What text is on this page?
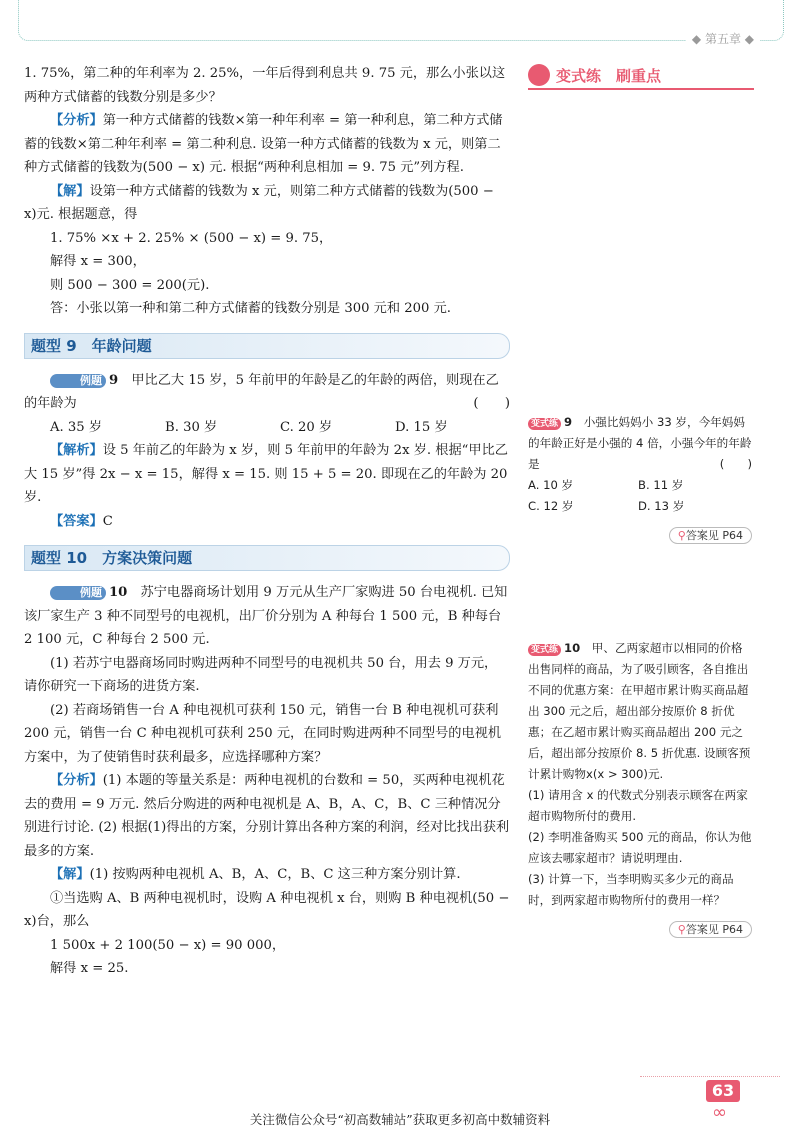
◆ 第五章 ◆

1. 75%，第二种的年利率为 2. 25%，一年后得到利息共 9. 75 元，那么小张以这两种方式储蓄的钱数分别是多少？

【分析】第一种方式储蓄的钱数×第一种年利率 = 第一种利息，第二种方式储蓄的钱数×第二种年利率 = 第二种利息. 设第一种方式储蓄的钱数为 x 元，则第二种方式储蓄的钱数为(500 − x) 元. 根据“两种利息相加 = 9. 75 元”列方程.

【解】设第一种方式储蓄的钱数为 x 元，则第二种方式储蓄的钱数为(500 − x)元. 根据题意，得

1. 75% ×x + 2. 25% × (500 − x) = 9. 75，

解得 x = 300，

则 500 − 300 = 200(元).

答：小张以第一种和第二种方式储蓄的钱数分别是 300 元和 200 元.

题型 9　年龄问题

例题 9　 甲比乙大 15 岁，5 年前甲的年龄是乙的年龄的两倍，则现在乙的年龄为	(　　)

A. 35 岁	B. 30 岁	C. 20 岁	D. 15 岁

【解析】设 5 年前乙的年龄为 x 岁，则 5 年前甲的年龄为 2x 岁. 根据“甲比乙大 15 岁”得 2x − x = 15，解得 x = 15. 则 15 + 5 = 20. 即现在乙的年龄为 20 岁.

【答案】C

题型 10　方案决策问题

例题 10　 苏宁电器商场计划用 9 万元从生产厂家购进 50 台电视机. 已知该厂家生产 3 种不同型号的电视机，出厂价分别为 A 种每台 1 500 元，B 种每台 2 100 元，C 种每台 2 500 元.

(1) 若苏宁电器商场同时购进两种不同型号的电视机共 50 台，用去 9 万元，请你研究一下商场的进货方案.

(2) 若商场销售一台 A 种电视机可获利 150 元，销售一台 B 种电视机可获利 200 元，销售一台 C 种电视机可获利 250 元，在同时购进两种不同型号的电视机方案中，为了使销售时获利最多，应选择哪种方案？

【分析】(1) 本题的等量关系是：两种电视机的台数和 = 50，买两种电视机花去的费用 = 9 万元. 然后分购进的两种电视机是 A、B，A、C，B、C 三种情况分别进行讨论. (2) 根据(1)得出的方案，分别计算出各种方案的利润，经对比找出获利最多的方案.

【解】(1) 按购两种电视机 A、B，A、C，B、C 这三种方案分别计算.

①当选购 A、B 两种电视机时，设购 A 种电视机 x 台，则购 B 种电视机(50 − x)台，那么

1 500x + 2 100(50 − x) = 90 000，

解得 x = 25.

变式练　刷重点

变式练 9　 小强比妈妈小 33 岁，今年妈妈的年龄正好是小强的 4 倍，小强今年的年龄是	(　　)

A. 10 岁	B. 11 岁
C. 12 岁	D. 13 岁
⚲答案见 P64

变式练 10　 甲、乙两家超市以相同的价格出售同样的商品，为了吸引顾客，各自推出不同的优惠方案：在甲超市累计购买商品超出 300 元之后，超出部分按原价 8 折优惠；在乙超市累计购买商品超出 200 元之后，超出部分按原价 8. 5 折优惠. 设顾客预计累计购物x(x > 300)元.

(1) 请用含 x 的代数式分别表示顾客在两家超市购物所付的费用.

(2) 李明准备购买 500 元的商品，你认为他应该去哪家超市？请说明理由.

(3) 计算一下，当李明购买多少元的商品时，到两家超市购物所付的费用一样？

⚲答案见 P64
63
∞
关注微信公众号“初高数辅站”获取更多初高中数辅资料
